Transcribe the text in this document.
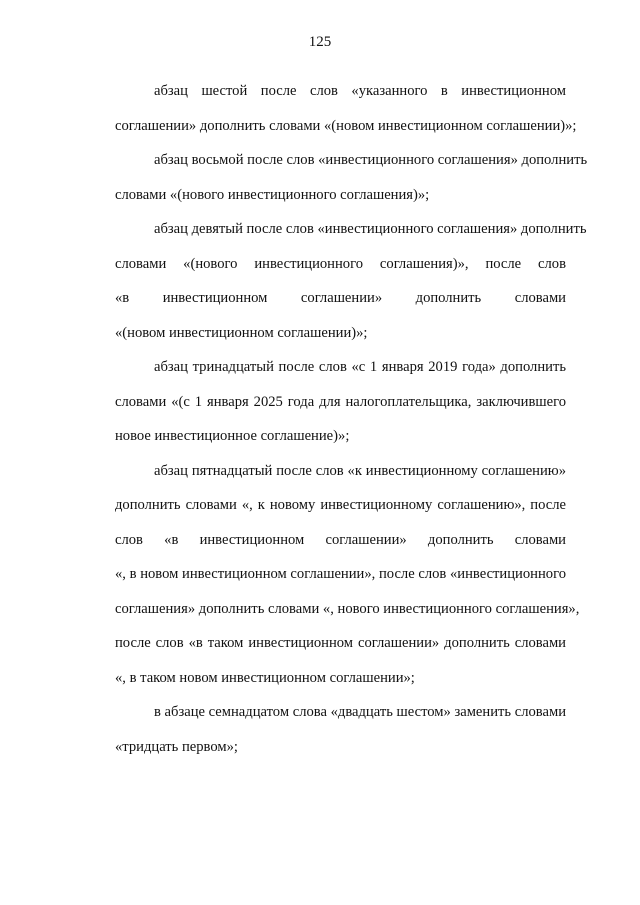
125
абзац шестой после слов «указанного в инвестиционном
соглашении» дополнить словами «(новом инвестиционном соглашении)»;
абзац восьмой после слов «инвестиционного соглашения» дополнить
словами «(нового инвестиционного соглашения)»;
абзац девятый после слов «инвестиционного соглашения» дополнить
словами «(нового инвестиционного соглашения)», после слов
«в инвестиционном соглашении» дополнить словами
«(новом инвестиционном соглашении)»;
абзац тринадцатый после слов «с 1 января 2019 года» дополнить
словами «(с 1 января 2025 года для налогоплательщика, заключившего
новое инвестиционное соглашение)»;
абзац пятнадцатый после слов «к инвестиционному соглашению»
дополнить словами «, к новому инвестиционному соглашению», после
слов «в инвестиционном соглашении» дополнить словами
«, в новом инвестиционном соглашении», после слов «инвестиционного
соглашения» дополнить словами «, нового инвестиционного соглашения»,
после слов «в таком инвестиционном соглашении» дополнить словами
«, в таком новом инвестиционном соглашении»;
в абзаце семнадцатом слова «двадцать шестом» заменить словами
«тридцать первом»;
